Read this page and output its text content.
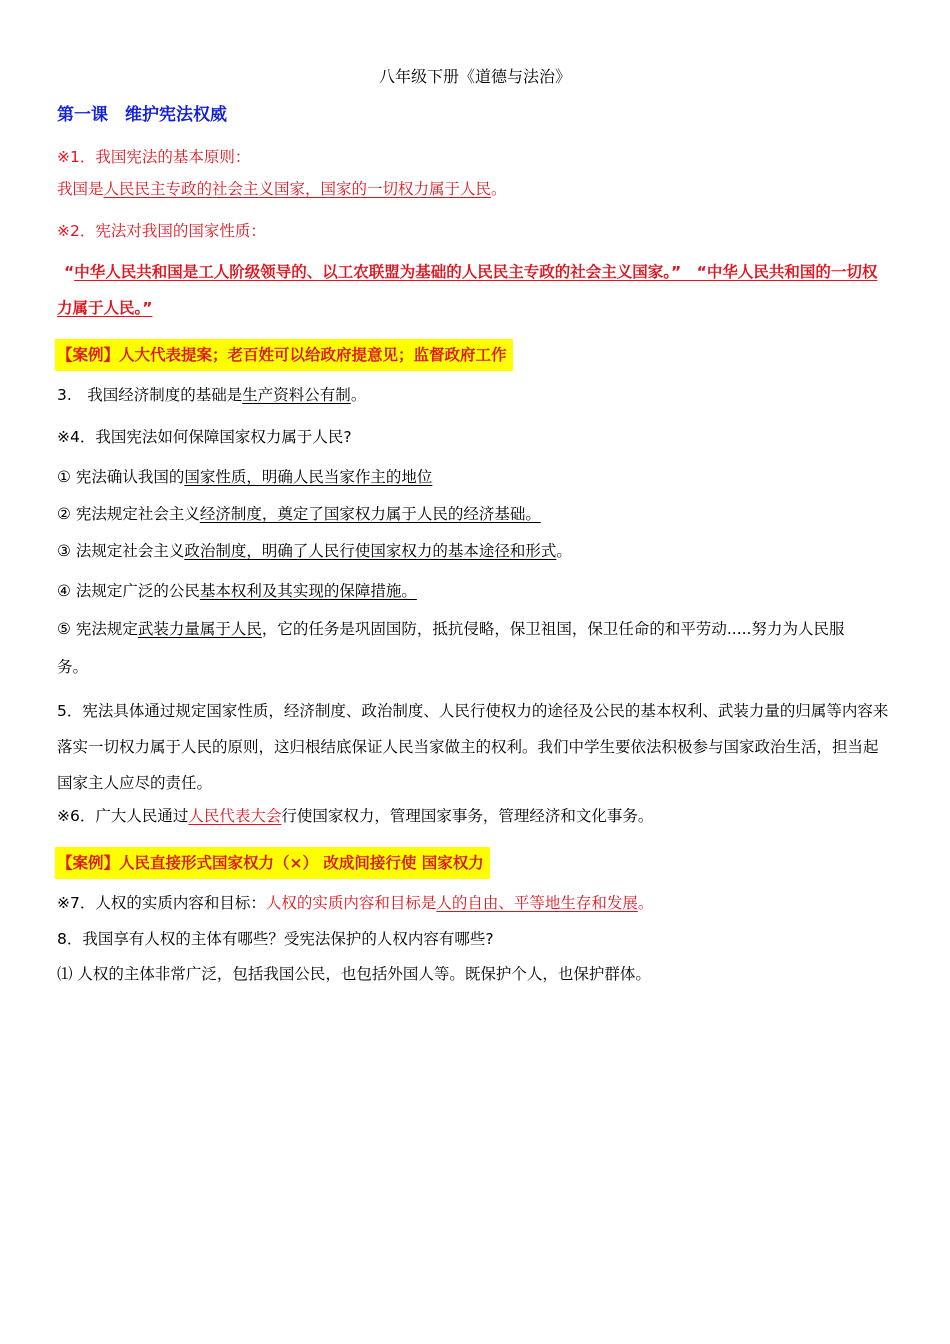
八年级下册《道德与法治》
第一课　维护宪法权威
※1．我国宪法的基本原则：
我国是人民民主专政的社会主义国家，国家的一切权力属于人民。
※2．宪法对我国的国家性质：
“中华人民共和国是工人阶级领导的、以工农联盟为基础的人民民主专政的社会主义国家。”　“中华人民共和国的一切权力属于人民。”
【案例】人大代表提案；老百姓可以给政府提意见；监督政府工作
3.　我国经济制度的基础是生产资料公有制。
※4．我国宪法如何保障国家权力属于人民?
① 宪法确认我国的国家性质，明确人民当家作主的地位
② 宪法规定社会主义经济制度，奠定了国家权力属于人民的经济基础。
③ 法规定社会主义政治制度，明确了人民行使国家权力的基本途径和形式。
④ 法规定广泛的公民基本权利及其实现的保障措施。
⑤ 宪法规定武装力量属于人民，它的任务是巩固国防，抵抗侵略，保卫祖国，保卫任命的和平劳动.....努力为人民服
务。
5．宪法具体通过规定国家性质，经济制度、政治制度、人民行使权力的途径及公民的基本权利、武装力量的归属等内容来落实一切权力属于人民的原则，这归根结底保证人民当家做主的权利。我们中学生要依法积极参与国家政治生活，担当起国家主人应尽的责任。
※6．广大人民通过人民代表大会行使国家权力，管理国家事务，管理经济和文化事务。
【案例】人民直接形式国家权力（×） 改成间接行使 国家权力
※7．人权的实质内容和目标：人权的实质内容和目标是人的自由、平等地生存和发展。
8．我国享有人权的主体有哪些？受宪法保护的人权内容有哪些?
⑴ 人权的主体非常广泛，包括我国公民，也包括外国人等。既保护个人，也保护群体。
